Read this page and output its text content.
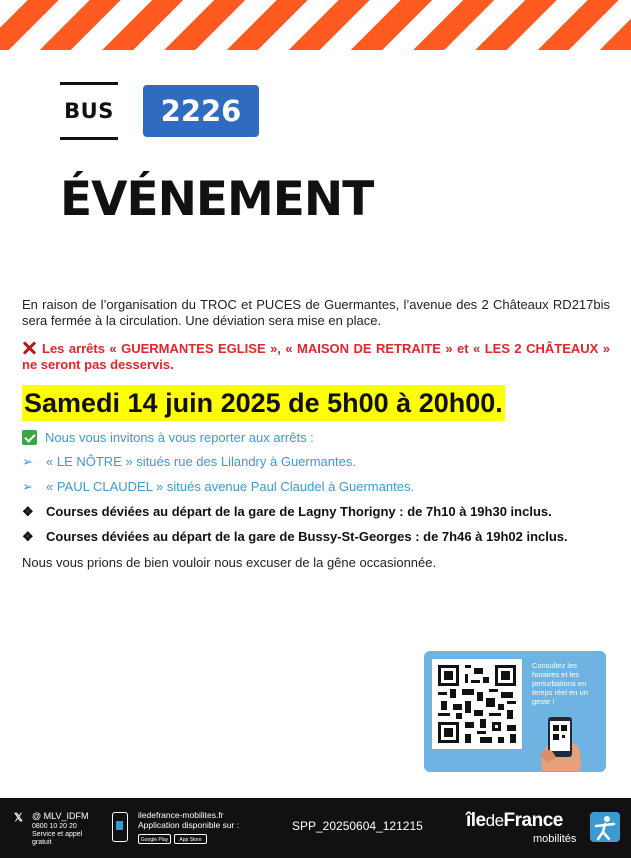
BUS	2226
ÉVÉNEMENT
En raison de l’organisation du TROC et PUCES de Guermantes, l’avenue des 2 Châteaux RD217bis sera fermée à la circulation. Une déviation sera mise en place.
Les arrêts « GUERMANTES EGLISE », « MAISON DE RETRAITE » et « LES 2 CHÂTEAUX » ne seront pas desservis.
Samedi 14 juin 2025 de 5h00 à 20h00.
Nous vous invitons à vous reporter aux arrêts :
➢ « LE NÔTRE » situés rue des Lilandry à Guermantes.
➢ « PAUL CLAUDEL » situés avenue Paul Claudel à Guermantes.
❖ Courses déviées au départ de la gare de Lagny Thorigny : de 7h10 à 19h30 inclus.
❖ Courses déviées au départ de la gare de Bussy-St-Georges : de 7h46 à 19h02 inclus.
Nous vous prions de bien vouloir nous excuser de la gêne occasionnée.
Consultez les horaires et les perturbations en temps réel en un geste !
𝕏 @ MLV_IDFM
0800 10 20 20
Service et appel gratuit
iledefrance-mobilites.fr
Application disponible sur :
Google Play	App Store
SPP_20250604_121215 îledeFrance
mobilités
